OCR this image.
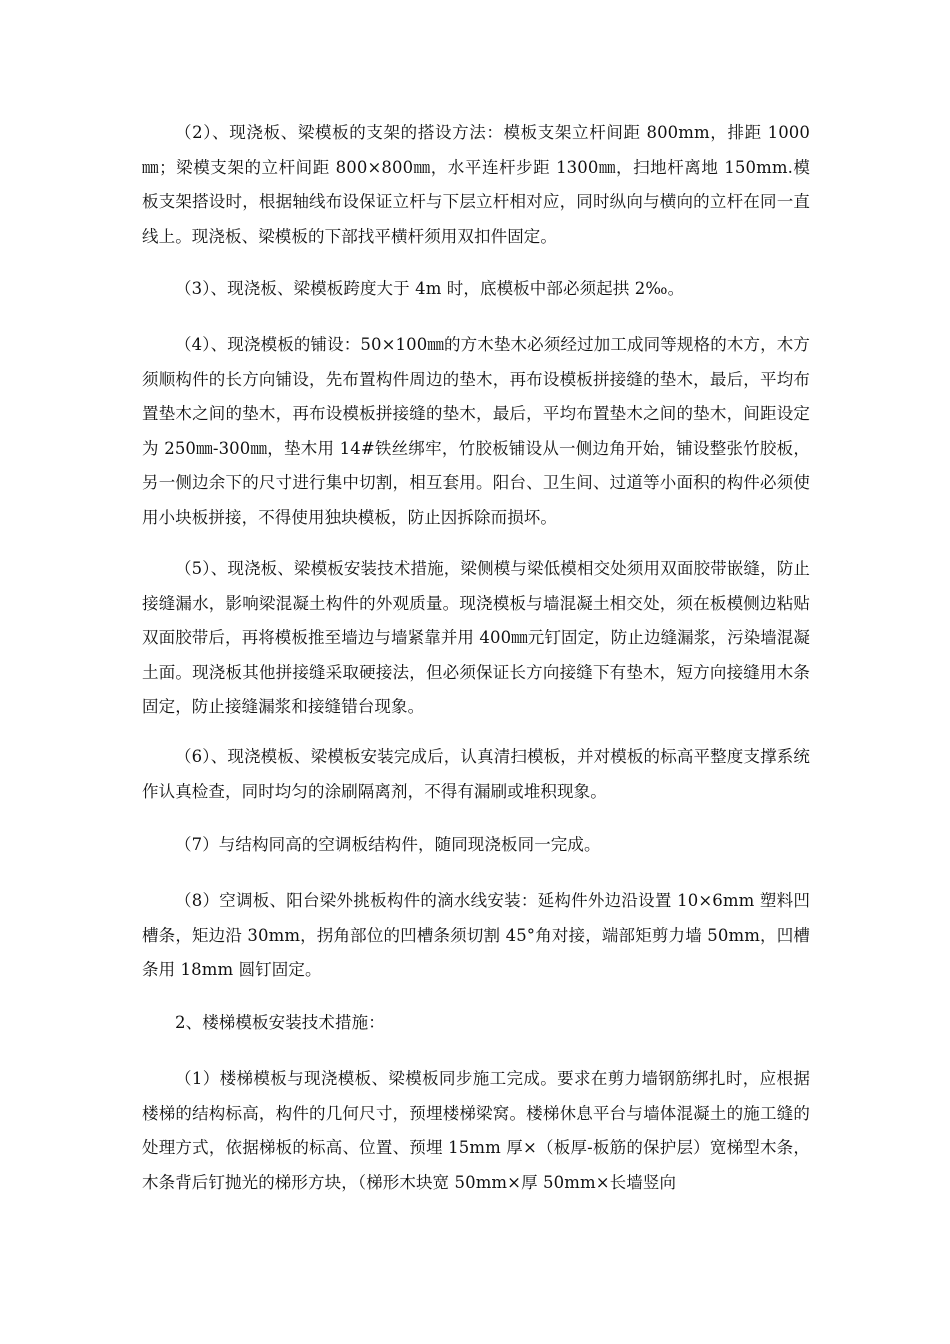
（2）、现浇板、梁模板的支架的搭设方法：模板支架立杆间距 800mm，排距 1000㎜；梁模支架的立杆间距 800×800㎜，水平连杆步距 1300㎜，扫地杆离地 150mm.模板支架搭设时，根据轴线布设保证立杆与下层立杆相对应，同时纵向与横向的立杆在同一直线上。现浇板、梁模板的下部找平横杆须用双扣件固定。

（3）、现浇板、梁模板跨度大于 4m 时，底模板中部必须起拱 2‰。

（4）、现浇模板的铺设：50×100㎜的方木垫木必须经过加工成同等规格的木方，木方须顺构件的长方向铺设，先布置构件周边的垫木，再布设模板拼接缝的垫木，最后，平均布置垫木之间的垫木，再布设模板拼接缝的垫木，最后，平均布置垫木之间的垫木，间距设定为 250㎜-300㎜，垫木用 14#铁丝绑牢，竹胶板铺设从一侧边角开始，铺设整张竹胶板，另一侧边余下的尺寸进行集中切割，相互套用。阳台、卫生间、过道等小面积的构件必须使用小块板拼接，不得使用独块模板，防止因拆除而损坏。

（5）、现浇板、梁模板安装技术措施，梁侧模与梁低模相交处须用双面胶带嵌缝，防止接缝漏水，影响梁混凝土构件的外观质量。现浇模板与墙混凝土相交处，须在板模侧边粘贴双面胶带后，再将模板推至墙边与墙紧靠并用 400㎜元钉固定，防止边缝漏浆，污染墙混凝土面。现浇板其他拼接缝采取硬接法，但必须保证长方向接缝下有垫木，短方向接缝用木条固定，防止接缝漏浆和接缝错台现象。

（6）、现浇模板、梁模板安装完成后，认真清扫模板，并对模板的标高平整度支撑系统作认真检查，同时均匀的涂刷隔离剂，不得有漏刷或堆积现象。

（7）与结构同高的空调板结构件，随同现浇板同一完成。

（8）空调板、阳台梁外挑板构件的滴水线安装：延构件外边沿设置 10×6mm 塑料凹槽条，矩边沿 30mm，拐角部位的凹槽条须切割 45°角对接，端部矩剪力墙 50mm，凹槽条用 18mm 圆钉固定。

2、楼梯模板安装技术措施：

（1）楼梯模板与现浇模板、梁模板同步施工完成。要求在剪力墙钢筋绑扎时，应根据楼梯的结构标高，构件的几何尺寸，预埋楼梯梁窝。楼梯休息平台与墙体混凝土的施工缝的处理方式，依据梯板的标高、位置、预埋 15mm 厚×（板厚-板筋的保护层）宽梯型木条，木条背后钉抛光的梯形方块，（梯形木块宽 50mm×厚 50mm×长墙竖向
